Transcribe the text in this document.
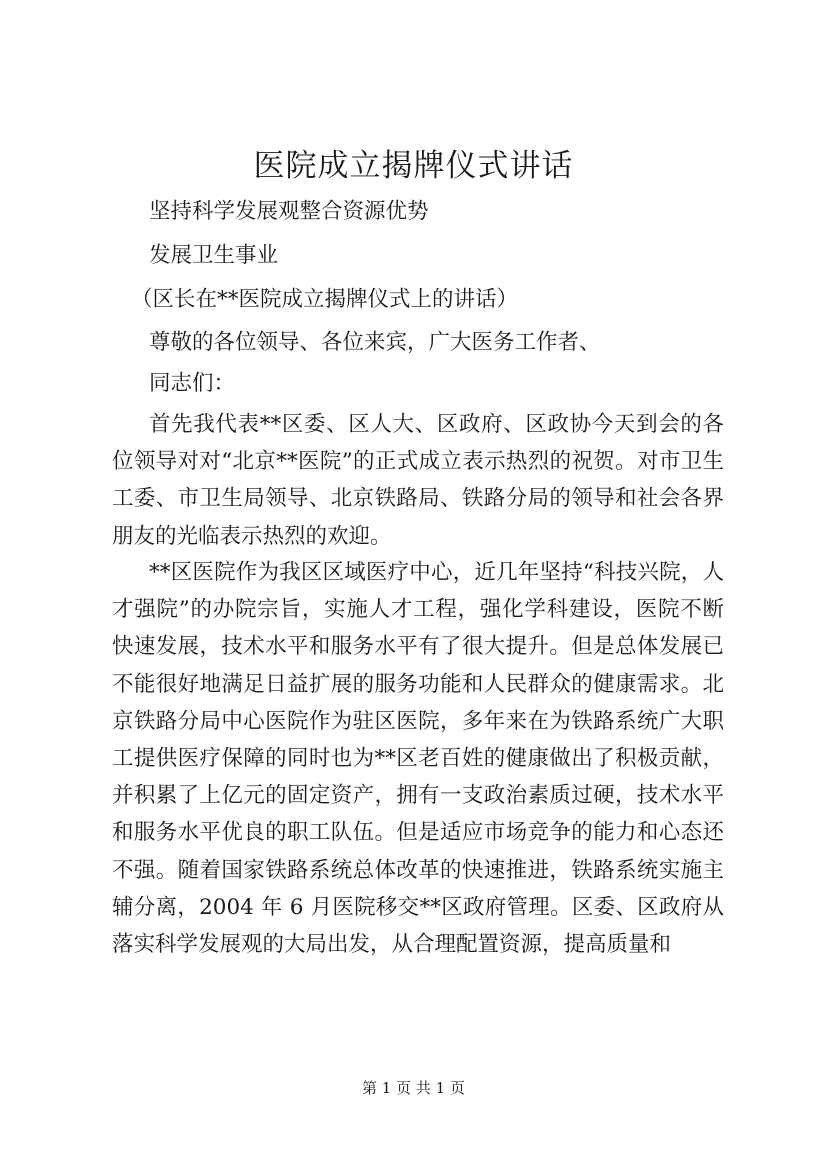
医院成立揭牌仪式讲话

坚持科学发展观整合资源优势

发展卫生事业

（区长在**医院成立揭牌仪式上的讲话）

尊敬的各位领导、各位来宾，广大医务工作者、

同志们：

首先我代表**区委、区人大、区政府、区政协今天到会的各位领导对对“北京**医院”的正式成立表示热烈的祝贺。对市卫生工委、市卫生局领导、北京铁路局、铁路分局的领导和社会各界朋友的光临表示热烈的欢迎。

**区医院作为我区区域医疗中心，近几年坚持“科技兴院，人才强院”的办院宗旨，实施人才工程，强化学科建设，医院不断快速发展，技术水平和服务水平有了很大提升。但是总体发展已不能很好地满足日益扩展的服务功能和人民群众的健康需求。北京铁路分局中心医院作为驻区医院，多年来在为铁路系统广大职工提供医疗保障的同时也为**区老百姓的健康做出了积极贡献，并积累了上亿元的固定资产，拥有一支政治素质过硬，技术水平和服务水平优良的职工队伍。但是适应市场竞争的能力和心态还不强。随着国家铁路系统总体改革的快速推进，铁路系统实施主辅分离，2004 年 6 月医院移交**区政府管理。区委、区政府从落实科学发展观的大局出发，从合理配置资源，提高质量和

第 1 页 共 1 页
